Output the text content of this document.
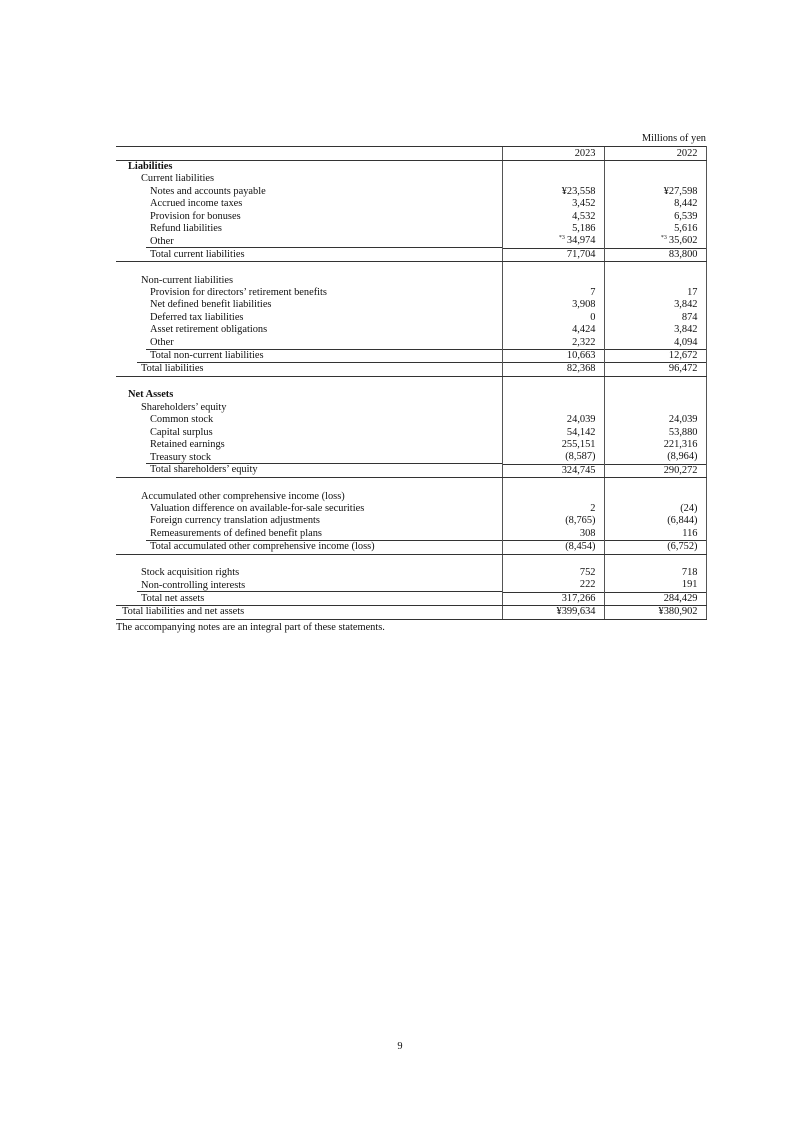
Millions of yen
	2023	2022
Liabilities		
Current liabilities		
Notes and accounts payable	¥23,558	¥27,598
Accrued income taxes	3,452	8,442
Provision for bonuses	4,532	6,539
Refund liabilities	5,186	5,616
Other	$^{*3}$ 34,974	$^{*3}$ 35,602
Total current liabilities	71,704	83,800

Non-current liabilities		
Provision for directors’ retirement benefits	7	17
Net defined benefit liabilities	3,908	3,842
Deferred tax liabilities	0	874
Asset retirement obligations	4,424	3,842
Other	2,322	4,094
Total non-current liabilities	10,663	12,672
Total liabilities	82,368	96,472

Net Assets		
Shareholders’ equity		
Common stock	24,039	24,039
Capital surplus	54,142	53,880
Retained earnings	255,151	221,316
Treasury stock	(8,587)	(8,964)
Total shareholders’ equity	324,745	290,272

Accumulated other comprehensive income (loss)		
Valuation difference on available-for-sale securities	2	(24)
Foreign currency translation adjustments	(8,765)	(6,844)
Remeasurements of defined benefit plans	308	116
Total accumulated other comprehensive income (loss)	(8,454)	(6,752)

Stock acquisition rights	752	718
Non-controlling interests	222	191
Total net assets	317,266	284,429
Total liabilities and net assets	¥399,634	¥380,902
The accompanying notes are an integral part of these statements.
9
